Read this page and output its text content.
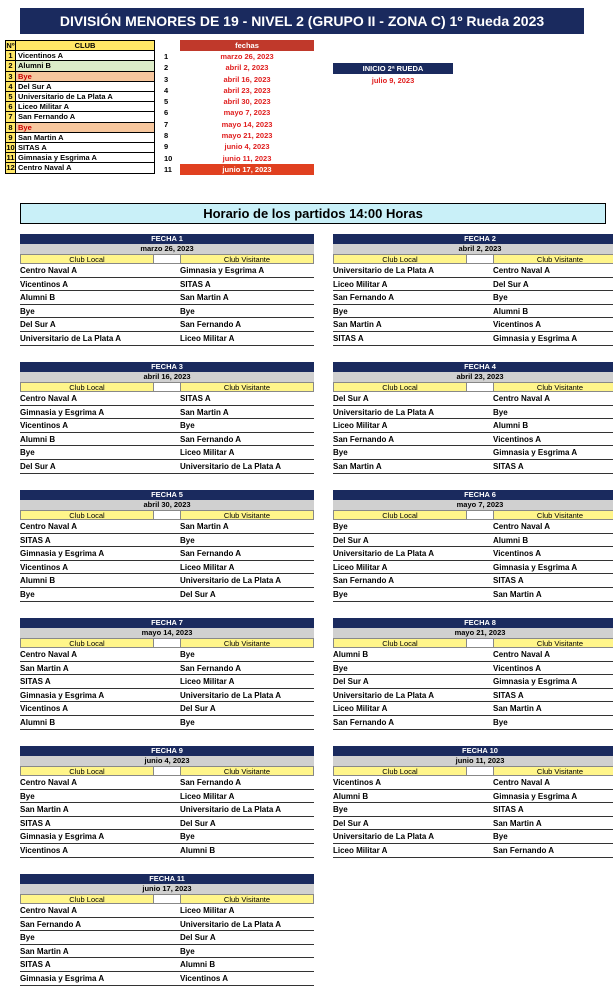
DIVISIÓN MENORES DE 19 - NIVEL 2 (GRUPO II - ZONA C) 1º Rueda 2023
Nº	CLUB
1	Vicentinos A
2	Alumni B
3	Bye
4	Del Sur A
5	Universitario de La Plata A
6	Liceo Militar A
7	San Fernando A
8	Bye
9	San Martin A
10	SITAS A
11	Gimnasia y Esgrima A
12	Centro Naval A
fechas
1	marzo 26, 2023
2	abril 2, 2023
3	abril 16, 2023
4	abril 23, 2023
5	abril 30, 2023
6	mayo 7, 2023
7	mayo 14, 2023
8	mayo 21, 2023
9	junio 4, 2023
10	junio 11, 2023
11	junio 17, 2023
INICIO 2ª RUEDA
julio 9, 2023
Horario de los partidos 14:00 Horas
FECHA 1
marzo 26, 2023
Club Local	Club Visitante
Centro Naval A	Gimnasia y Esgrima A
Vicentinos A	SITAS A
Alumni B	San Martin A
Bye	Bye
Del Sur A	San Fernando A
Universitario de La Plata A	Liceo Militar A
FECHA 2
abril 2, 2023
Club Local	Club Visitante
Universitario de La Plata A	Centro Naval A
Liceo Militar A	Del Sur A
San Fernando A	Bye
Bye	Alumni B
San Martin A	Vicentinos A
SITAS A	Gimnasia y Esgrima A
FECHA 3
abril 16, 2023
Club Local	Club Visitante
Centro Naval A	SITAS A
Gimnasia y Esgrima A	San Martin A
Vicentinos A	Bye
Alumni B	San Fernando A
Bye	Liceo Militar A
Del Sur A	Universitario de La Plata A
FECHA 4
abril 23, 2023
Club Local	Club Visitante
Del Sur A	Centro Naval A
Universitario de La Plata A	Bye
Liceo Militar A	Alumni B
San Fernando A	Vicentinos A
Bye	Gimnasia y Esgrima A
San Martin A	SITAS A
FECHA 5
abril 30, 2023
Club Local	Club Visitante
Centro Naval A	San Martin A
SITAS A	Bye
Gimnasia y Esgrima A	San Fernando A
Vicentinos A	Liceo Militar A
Alumni B	Universitario de La Plata A
Bye	Del Sur A
FECHA 6
mayo 7, 2023
Club Local	Club Visitante
Bye	Centro Naval A
Del Sur A	Alumni B
Universitario de La Plata A	Vicentinos A
Liceo Militar A	Gimnasia y Esgrima A
San Fernando A	SITAS A
Bye	San Martin A
FECHA 7
mayo 14, 2023
Club Local	Club Visitante
Centro Naval A	Bye
San Martin A	San Fernando A
SITAS A	Liceo Militar A
Gimnasia y Esgrima A	Universitario de La Plata A
Vicentinos A	Del Sur A
Alumni B	Bye
FECHA 8
mayo 21, 2023
Club Local	Club Visitante
Alumni B	Centro Naval A
Bye	Vicentinos A
Del Sur A	Gimnasia y Esgrima A
Universitario de La Plata A	SITAS A
Liceo Militar A	San Martin A
San Fernando A	Bye
FECHA 9
junio 4, 2023
Club Local	Club Visitante
Centro Naval A	San Fernando A
Bye	Liceo Militar A
San Martin A	Universitario de La Plata A
SITAS A	Del Sur A
Gimnasia y Esgrima A	Bye
Vicentinos A	Alumni B
FECHA 10
junio 11, 2023
Club Local	Club Visitante
Vicentinos A	Centro Naval A
Alumni B	Gimnasia y Esgrima A
Bye	SITAS A
Del Sur A	San Martin A
Universitario de La Plata A	Bye
Liceo Militar A	San Fernando A
FECHA 11
junio 17, 2023
Club Local	Club Visitante
Centro Naval A	Liceo Militar A
San Fernando A	Universitario de La Plata A
Bye	Del Sur A
San Martin A	Bye
SITAS A	Alumni B
Gimnasia y Esgrima A	Vicentinos A
